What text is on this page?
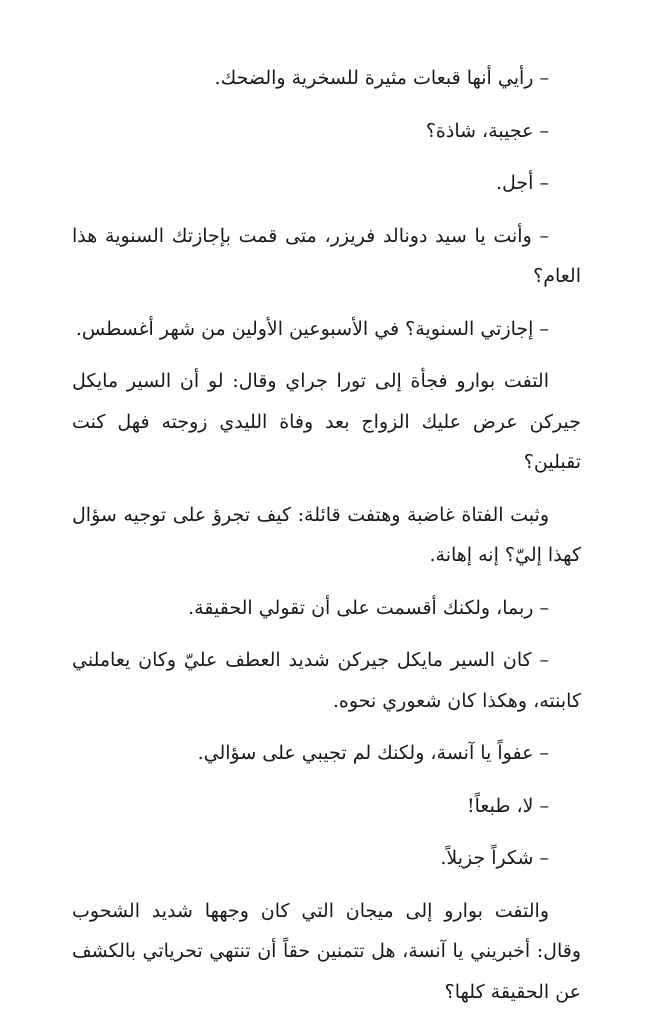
– رأيي أنها قبعات مثيرة للسخرية والضحك.

– عجيبة، شاذة؟

– أجل.

– وأنت يا سيد دونالد فريزر، متى قمت بإجازتك السنوية هذا العام؟

– إجازتي السنوية؟ في الأسبوعين الأولين من شهر أغسطس.

التفت بوارو فجأة إلى تورا جراي وقال: لو أن السير مايكل جيركن عرض عليك الزواج بعد وفاة الليدي زوجته فهل كنت تقبلين؟

وثبت الفتاة غاضبة وهتفت قائلة: كيف تجرؤ على توجيه سؤال كهذا إليّ؟ إنه إهانة.

– ربما، ولكنك أقسمت على أن تقولي الحقيقة.

– كان السير مايكل جيركن شديد العطف عليّ وكان يعاملني كابنته، وهكذا كان شعوري نحوه.

– عفواً يا آنسة، ولكنك لم تجيبي على سؤالي.

– لا، طبعاً!

– شكراً جزيلاً.

والتفت بوارو إلى ميجان التي كان وجهها شديد الشحوب وقال: أخبريني يا آنسة، هل تتمنين حقاً أن تنتهي تحرياتي بالكشف عن الحقيقة كلها؟
